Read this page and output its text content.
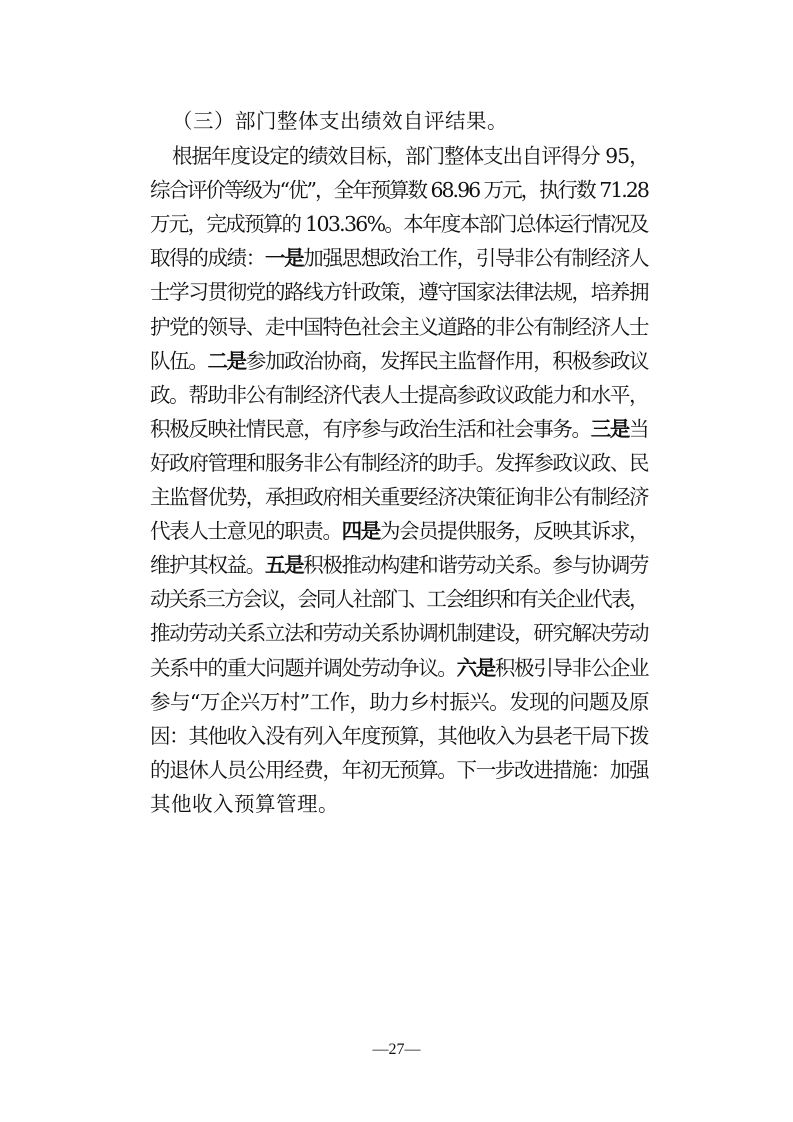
（三）部门整体支出绩效自评结果。
根据年度设定的绩效目标，部门整体支出自评得分 95，
综合评价等级为“优”，全年预算数 68.96 万元，执行数 71.28
万元，完成预算的 103.36%。本年度本部门总体运行情况及
取得的成绩：一是加强思想政治工作，引导非公有制经济人
士学习贯彻党的路线方针政策，遵守国家法律法规，培养拥
护党的领导、走中国特色社会主义道路的非公有制经济人士
队伍。二是参加政治协商，发挥民主监督作用，积极参政议
政。帮助非公有制经济代表人士提高参政议政能力和水平，
积极反映社情民意，有序参与政治生活和社会事务。三是当
好政府管理和服务非公有制经济的助手。发挥参政议政、民
主监督优势，承担政府相关重要经济决策征询非公有制经济
代表人士意见的职责。四是为会员提供服务，反映其诉求，
维护其权益。五是积极推动构建和谐劳动关系。参与协调劳
动关系三方会议，会同人社部门、工会组织和有关企业代表，
推动劳动关系立法和劳动关系协调机制建设，研究解决劳动
关系中的重大问题并调处劳动争议。六是积极引导非公企业
参与“万企兴万村”工作，助力乡村振兴。发现的问题及原
因：其他收入没有列入年度预算，其他收入为县老干局下拨
的退休人员公用经费，年初无预算。下一步改进措施：加强
其他收入预算管理。
—27—
